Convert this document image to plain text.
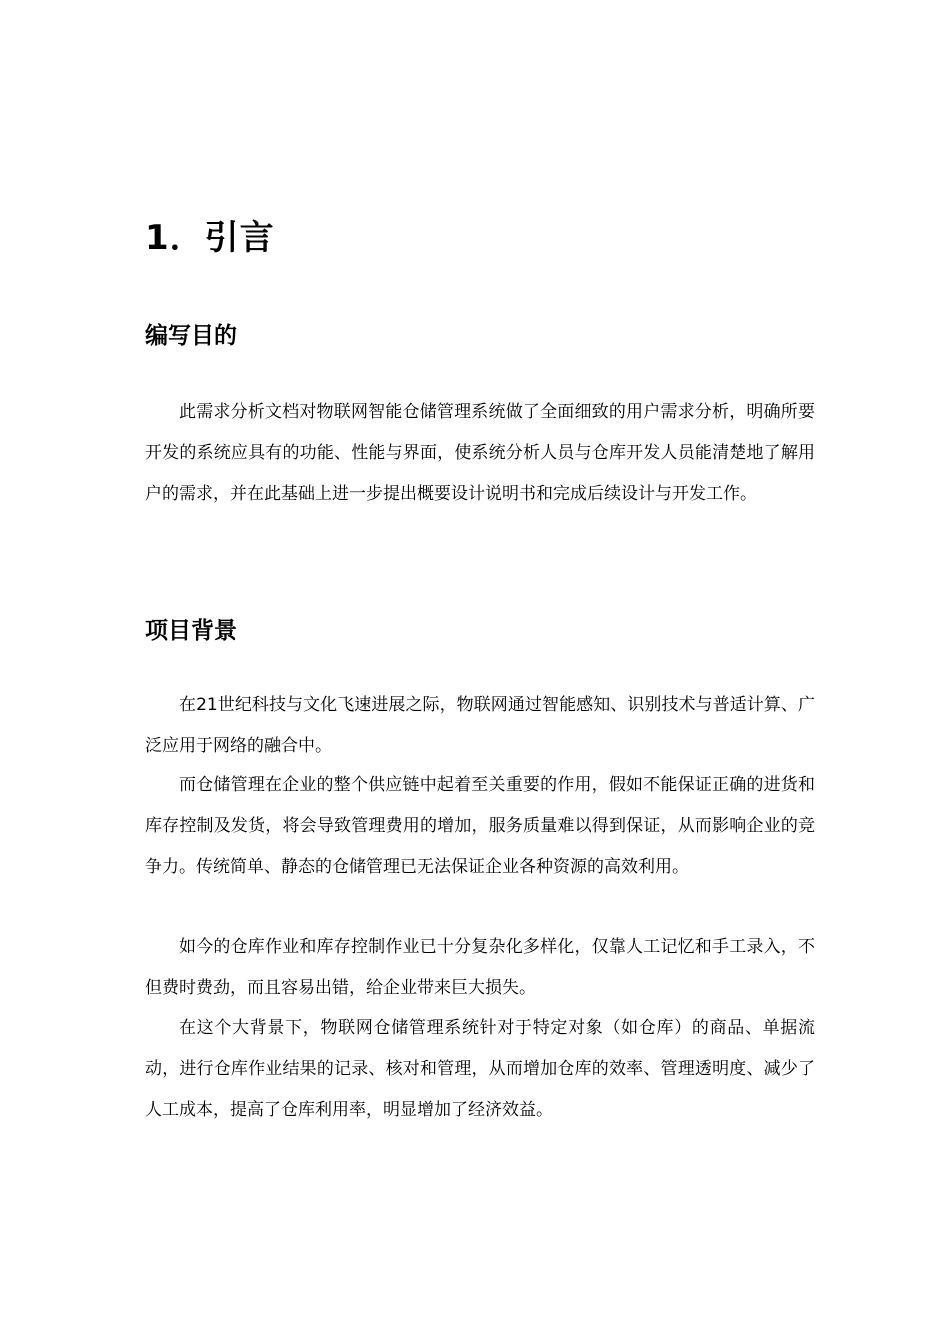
1．引言
编写目的

此需求分析文档对物联网智能仓储管理系统做了全面细致的用户需求分析，明确所要开发的系统应具有的功能、性能与界面，使系统分析人员与仓库开发人员能清楚地了解用户的需求，并在此基础上进一步提出概要设计说明书和完成后续设计与开发工作。

项目背景

在21世纪科技与文化飞速进展之际，物联网通过智能感知、识别技术与普适计算、广泛应用于网络的融合中。

而仓储管理在企业的整个供应链中起着至关重要的作用，假如不能保证正确的进货和库存控制及发货，将会导致管理费用的增加，服务质量难以得到保证，从而影响企业的竞争力。传统简单、静态的仓储管理已无法保证企业各种资源的高效利用。

如今的仓库作业和库存控制作业已十分复杂化多样化，仅靠人工记忆和手工录入，不但费时费劲，而且容易出错，给企业带来巨大损失。

在这个大背景下，物联网仓储管理系统针对于特定对象（如仓库）的商品、单据流动，进行仓库作业结果的记录、核对和管理，从而增加仓库的效率、管理透明度、减少了人工成本，提高了仓库利用率，明显增加了经济效益。
